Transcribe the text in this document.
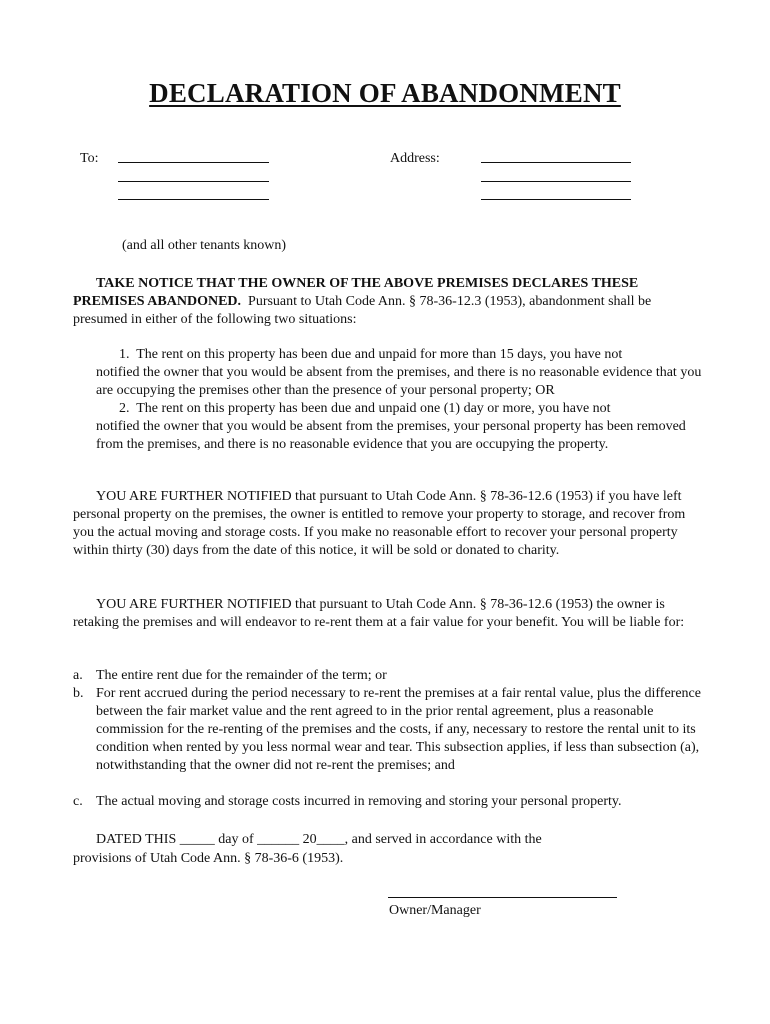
DECLARATION OF ABANDONMENT
To:	Address:
(and all other tenants known)

TAKE NOTICE THAT THE OWNER OF THE ABOVE PREMISES DECLARES THESE PREMISES ABANDONED. Pursuant to Utah Code Ann. § 78-36-12.3 (1953), abandonment shall be presumed in either of the following two situations:

1. The rent on this property has been due and unpaid for more than 15 days, you have not
notified the owner that you would be absent from the premises, and there is no reasonable evidence that you are occupying the premises other than the presence of your personal property; OR
2. The rent on this property has been due and unpaid one (1) day or more, you have not
notified the owner that you would be absent from the premises, your personal property has been removed from the premises, and there is no reasonable evidence that you are occupying the property.

YOU ARE FURTHER NOTIFIED that pursuant to Utah Code Ann. § 78-36-12.6 (1953) if you have left personal property on the premises, the owner is entitled to remove your property to storage, and recover from you the actual moving and storage costs. If you make no reasonable effort to recover your personal property within thirty (30) days from the date of this notice, it will be sold or donated to charity.

YOU ARE FURTHER NOTIFIED that pursuant to Utah Code Ann. § 78-36-12.6 (1953) the owner is retaking the premises and will endeavor to re-rent them at a fair value for your benefit. You will be liable for:

a. The entire rent due for the remainder of the term; or
b. For rent accrued during the period necessary to re-rent the premises at a fair rental value, plus the difference between the fair market value and the rent agreed to in the prior rental agreement, plus a reasonable commission for the re-renting of the premises and the costs, if any, necessary to restore the rental unit to its condition when rented by you less normal wear and tear. This subsection applies, if less than subsection (a), notwithstanding that the owner did not re-rent the premises; and
c. The actual moving and storage costs incurred in removing and storing your personal property.
DATED THIS _____ day of ______ 20____, and served in accordance with the
provisions of Utah Code Ann. § 78-36-6 (1953).
Owner/Manager
